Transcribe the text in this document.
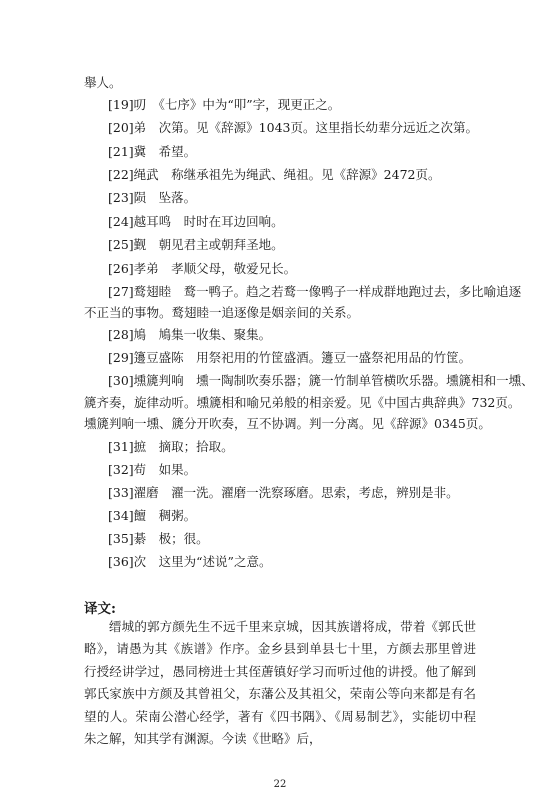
舉人。
[19]叨　《七序》中为“叩”字，现更正之。
[20]弟　次第。见《辞源》1043页。这里指长幼辈分远近之次第。
[21]冀　希望。
[22]绳武　称继承祖先为绳武、绳祖。见《辞源》2472页。
[23]陨　坠落。
[24]越耳鸣　时时在耳边回响。
[25]觐　朝见君主或朝拜圣地。
[26]孝弟　孝顺父母，敬爱兄长。
[27]鹜翅睦　鹜一鸭子。趋之若鹜一像鸭子一样成群地跑过去，多比喻追逐
不正当的事物。鹜翅睦一追逐像是姻亲间的关系。
[28]鳩　鳩集一收集、聚集。
[29]籩豆盛陈　用祭祀用的竹筐盛酒。籩豆一盛祭祀用品的竹筐。
[30]壎篪判响　壎一陶制吹奏乐器；篪一竹制单管横吹乐器。壎篪相和一壎、
篪齐奏，旋律动听。壎篪相和喻兄弟般的相亲爱。见《中国古典辞典》732页。
壎篪判响一壎、篪分开吹奏，互不协调。判一分离。见《辞源》0345页。
[31]摭　摘取；拾取。
[32]苟　如果。
[33]濯磨　濯一洗。濯磨一洗察琢磨。思索，考虑，辨别是非。
[34]饘　稠粥。
[35]綦　极；很。
[36]次　这里为“述说”之意。
译文:
缙城的郭方颜先生不远千里来京城，因其族谱将成，带着《郭氏世略》，请愚为其《族谱》作序。金乡县到单县七十里，方颜去那里曾进行授经讲学过，愚同榜进士其侄蓎镇好学习而听过他的讲授。他了解到郭氏家族中方颜及其曾祖父，东藩公及其祖父，荣南公等向来都是有名望的人。荣南公潜心经学，著有《四书隅》、《周易制艺》，实能切中程朱之解，知其学有渊源。今读《世略》后，
22
